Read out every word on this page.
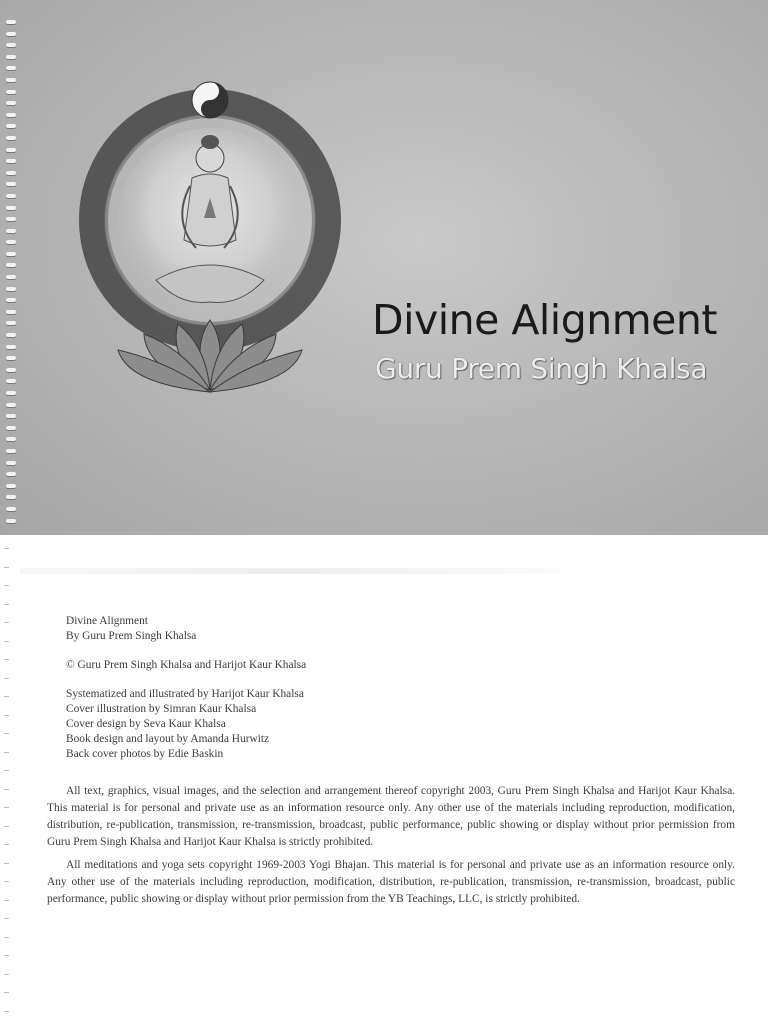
Divine Alignment
Guru Prem Singh Khalsa

Divine Alignment

By Guru Prem Singh Khalsa

© Guru Prem Singh Khalsa and Harijot Kaur Khalsa

Systematized and illustrated by Harijot Kaur Khalsa

Cover illustration by Simran Kaur Khalsa

Cover design by Seva Kaur Khalsa

Book design and layout by Amanda Hurwitz

Back cover photos by Edie Baskin

All text, graphics, visual images, and the selection and arrangement thereof copyright 2003, Guru Prem Singh Khalsa and Harijot Kaur Khalsa. This material is for personal and private use as an information resource only. Any other use of the materials including reproduction, modification, distribution, re-publication, transmission, re-transmission, broadcast, public performance, public showing or display without prior permission from Guru Prem Singh Khalsa and Harijot Kaur Khalsa is strictly prohibited.

All meditations and yoga sets copyright 1969-2003 Yogi Bhajan. This material is for personal and private use as an information resource only. Any other use of the materials including reproduction, modification, distribution, re-publication, transmission, re-transmission, broadcast, public performance, public showing or display without prior permission from the YB Teachings, LLC, is strictly prohibited.
